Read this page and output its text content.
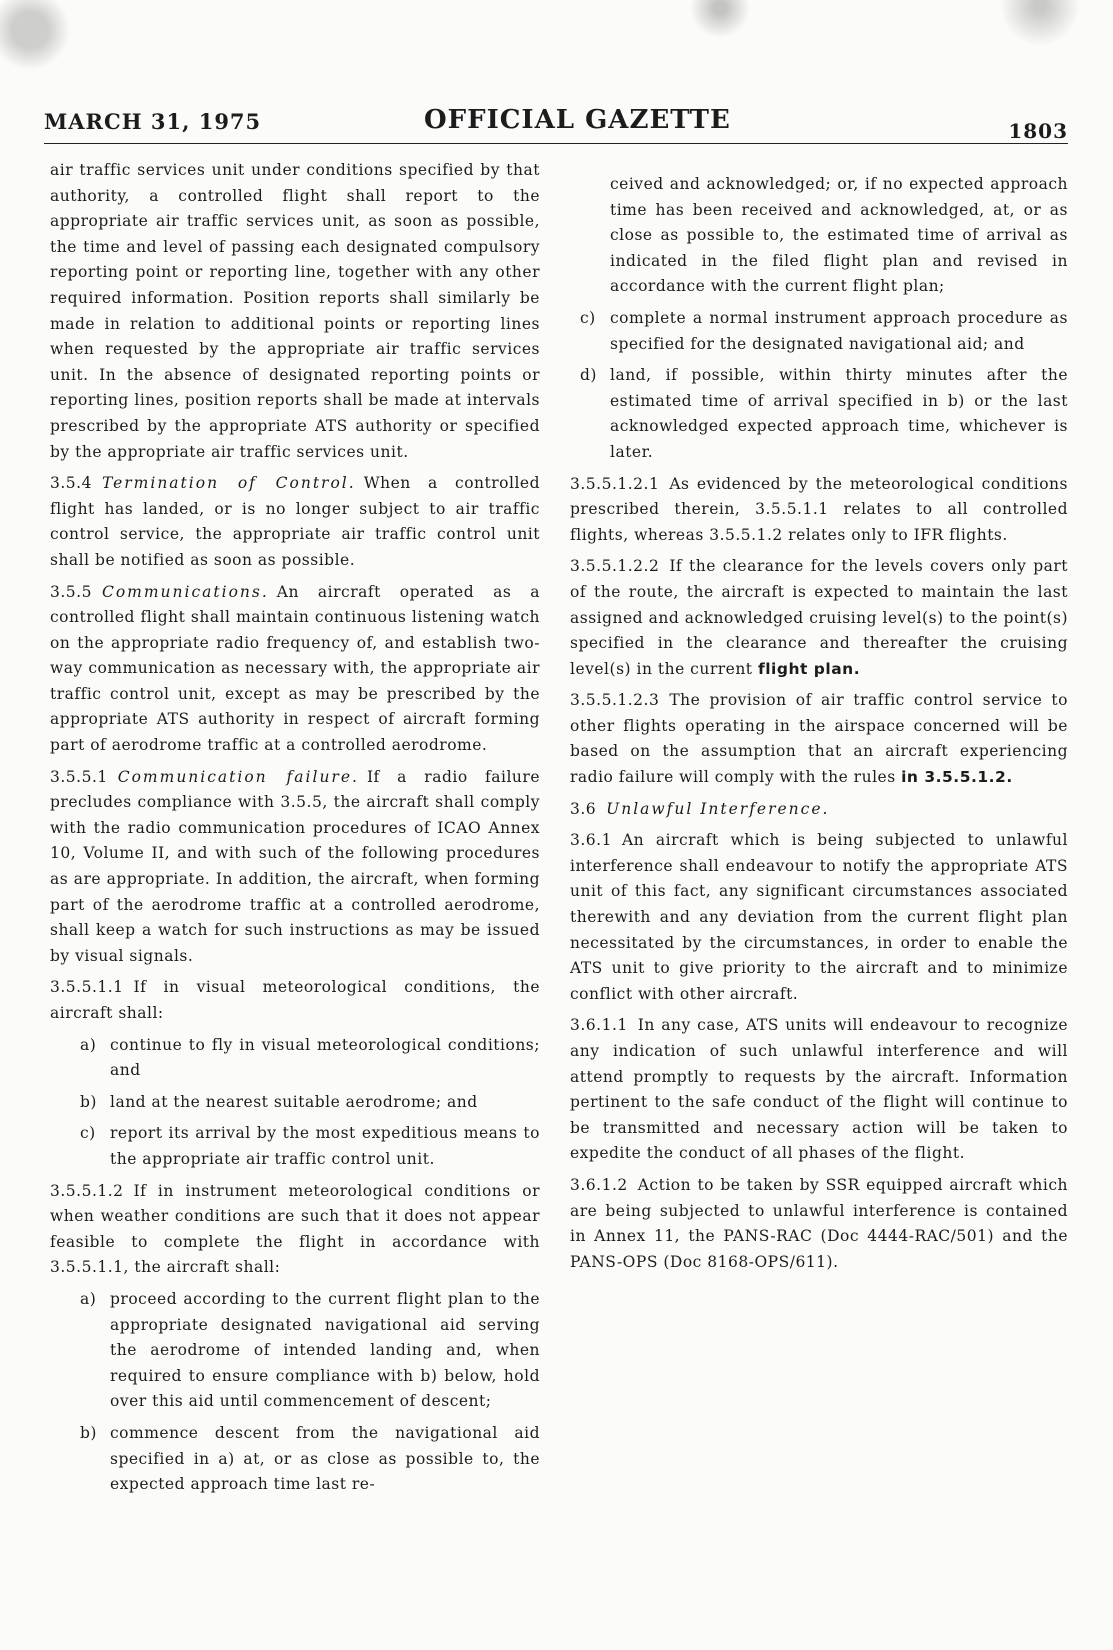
MARCH 31, 1975	OFFICIAL GAZETTE	1803

air traffic services unit under conditions specified by that authority, a controlled flight shall report to the appropriate air traffic services unit, as soon as possible, the time and level of passing each designated compulsory reporting point or reporting line, together with any other required information. Position reports shall similarly be made in relation to additional points or reporting lines when requested by the appropriate air traffic services unit. In the absence of designated reporting points or reporting lines, position reports shall be made at intervals prescribed by the appropriate ATS authority or specified by the appropriate air traffic services unit.

3.5.4 Termination of Control. When a controlled flight has landed, or is no longer subject to air traffic control service, the appropriate air traffic control unit shall be notified as soon as possible.

3.5.5 Communications. An aircraft operated as a controlled flight shall maintain continuous listening watch on the appropriate radio frequency of, and establish two-way communication as necessary with, the appropriate air traffic control unit, except as may be prescribed by the appropriate ATS authority in respect of aircraft forming part of aerodrome traffic at a controlled aerodrome.

3.5.5.1 Communication failure. If a radio failure precludes compliance with 3.5.5, the aircraft shall comply with the radio communication procedures of ICAO Annex 10, Volume II, and with such of the following procedures as are appropriate. In addition, the aircraft, when forming part of the aerodrome traffic at a controlled aerodrome, shall keep a watch for such instructions as may be issued by visual signals.

3.5.5.1.1 If in visual meteorological conditions, the aircraft shall:

a) continue to fly in visual meteorological conditions; and
b) land at the nearest suitable aerodrome; and
c) report its arrival by the most expeditious means to the appropriate air traffic control unit.

3.5.5.1.2 If in instrument meteorological conditions or when weather conditions are such that it does not appear feasible to complete the flight in accordance with 3.5.5.1.1, the aircraft shall:

a) proceed according to the current flight plan to the appropriate designated navigational aid serving the aerodrome of intended landing and, when required to ensure compliance with b) below, hold over this aid until commencement of descent;
b) commence descent from the navigational aid specified in a) at, or as close as possible to, the expected approach time last re-

ceived and acknowledged; or, if no expected approach time has been received and acknowledged, at, or as close as possible to, the estimated time of arrival as indicated in the filed flight plan and revised in accordance with the current flight plan;

c) complete a normal instrument approach procedure as specified for the designated navigational aid; and
d) land, if possible, within thirty minutes after the estimated time of arrival specified in b) or the last acknowledged expected approach time, whichever is later.

3.5.5.1.2.1 As evidenced by the meteorological conditions prescribed therein, 3.5.5.1.1 relates to all controlled flights, whereas 3.5.5.1.2 relates only to IFR flights.

3.5.5.1.2.2 If the clearance for the levels covers only part of the route, the aircraft is expected to maintain the last assigned and acknowledged cruising level(s) to the point(s) specified in the clearance and thereafter the cruising level(s) in the current flight plan.

3.5.5.1.2.3 The provision of air traffic control service to other flights operating in the airspace concerned will be based on the assumption that an aircraft experiencing radio failure will comply with the rules in 3.5.5.1.2.

3.6 Unlawful Interference.

3.6.1 An aircraft which is being subjected to unlawful interference shall endeavour to notify the appropriate ATS unit of this fact, any significant circumstances associated therewith and any deviation from the current flight plan necessitated by the circumstances, in order to enable the ATS unit to give priority to the aircraft and to minimize conflict with other aircraft.

3.6.1.1 In any case, ATS units will endeavour to recognize any indication of such unlawful interference and will attend promptly to requests by the aircraft. Information pertinent to the safe conduct of the flight will continue to be transmitted and necessary action will be taken to expedite the conduct of all phases of the flight.

3.6.1.2 Action to be taken by SSR equipped aircraft which are being subjected to unlawful interference is contained in Annex 11, the PANS-RAC (Doc 4444-RAC/501) and the PANS-OPS (Doc 8168-OPS/611).
